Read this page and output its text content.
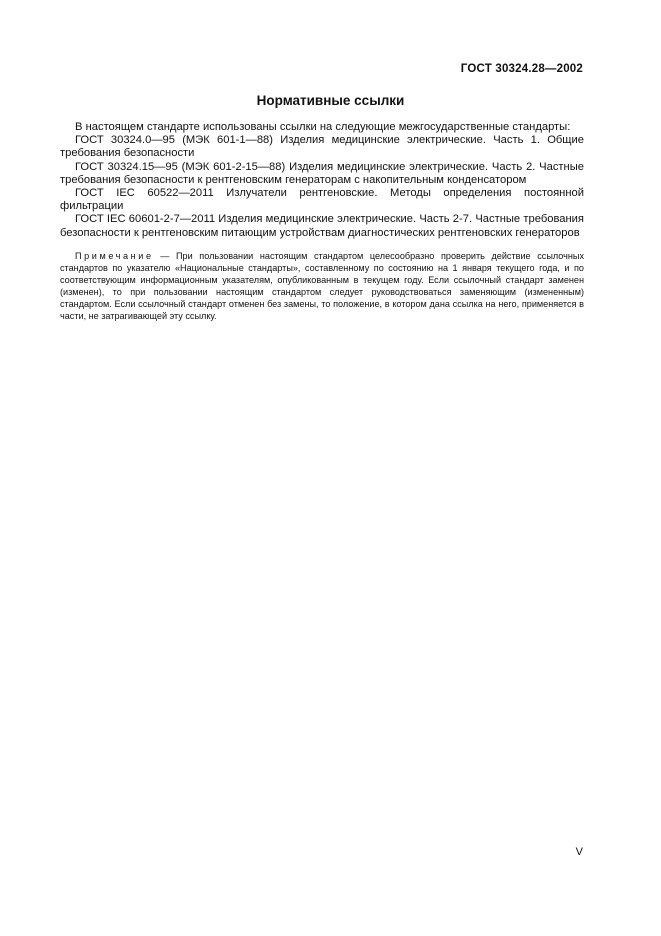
ГОСТ 30324.28—2002
Нормативные ссылки

В настоящем стандарте использованы ссылки на следующие межгосударственные стандарты:

ГОСТ 30324.0—95 (МЭК 601-1—88) Изделия медицинские электрические. Часть 1. Общие требования безопасности

ГОСТ 30324.15—95 (МЭК 601-2-15—88) Изделия медицинские электрические. Часть 2. Частные требования безопасности к рентгеновским генераторам с накопительным конденсатором

ГОСТ IEC 60522—2011 Излучатели рентгеновские. Методы определения постоянной фильтрации

ГОСТ IEC 60601-2-7—2011 Изделия медицинские электрические. Часть 2-7. Частные требования безопасности к рентгеновским питающим устройствам диагностических рентгеновских генераторов

Примечание — При пользовании настоящим стандартом целесообразно проверить действие ссылочных стандартов по указателю «Национальные стандарты», составленному по состоянию на 1 января текущего года, и по соответствующим информационным указателям, опубликованным в текущем году. Если ссылочный стандарт заменен (изменен), то при пользовании настоящим стандартом следует руководствоваться заменяющим (измененным) стандартом. Если ссылочный стандарт отменен без замены, то положение, в котором дана ссылка на него, применяется в части, не затрагивающей эту ссылку.

V
